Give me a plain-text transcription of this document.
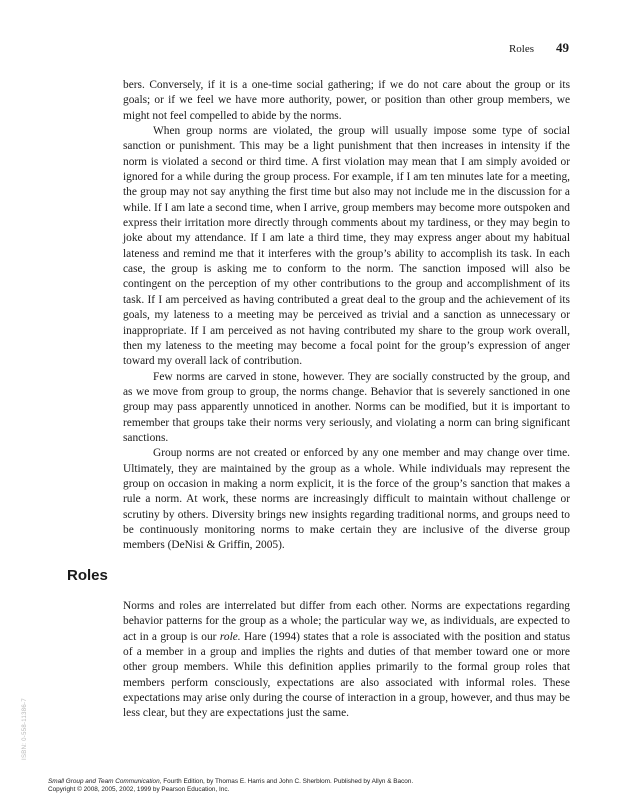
Roles 49

bers. Conversely, if it is a one-time social gathering; if we do not care about the group or its goals; or if we feel we have more authority, power, or position than other group members, we might not feel compelled to abide by the norms.

When group norms are violated, the group will usually impose some type of social sanction or punishment. This may be a light punishment that then increases in intensity if the norm is violated a second or third time. A first violation may mean that I am simply avoided or ignored for a while during the group process. For example, if I am ten minutes late for a meeting, the group may not say anything the first time but also may not include me in the discussion for a while. If I am late a second time, when I arrive, group members may become more outspoken and express their irritation more directly through comments about my tardiness, or they may begin to joke about my attendance. If I am late a third time, they may express anger about my habitual lateness and remind me that it interferes with the group’s ability to accomplish its task. In each case, the group is asking me to conform to the norm. The sanction imposed will also be contingent on the perception of my other contributions to the group and accomplishment of its task. If I am perceived as having contributed a great deal to the group and the achievement of its goals, my lateness to a meeting may be perceived as trivial and a sanction as unnecessary or inappropriate. If I am perceived as not having contributed my share to the group work overall, then my lateness to the meeting may become a focal point for the group’s expression of anger toward my overall lack of contribution.

Few norms are carved in stone, however. They are socially constructed by the group, and as we move from group to group, the norms change. Behavior that is severely sanctioned in one group may pass apparently unnoticed in another. Norms can be modified, but it is important to remember that groups take their norms very seriously, and violating a norm can bring significant sanctions.

Group norms are not created or enforced by any one member and may change over time. Ultimately, they are maintained by the group as a whole. While individuals may represent the group on occasion in making a norm explicit, it is the force of the group’s sanction that makes a rule a norm. At work, these norms are increasingly difficult to maintain without challenge or scrutiny by others. Diversity brings new insights regarding traditional norms, and groups need to be continuously monitoring norms to make certain they are inclusive of the diverse group members (DeNisi & Griffin, 2005).

Roles

Norms and roles are interrelated but differ from each other. Norms are expectations regarding behavior patterns for the group as a whole; the particular way we, as individuals, are expected to act in a group is our role. Hare (1994) states that a role is associated with the position and status of a member in a group and implies the rights and duties of that member toward one or more other group members. While this definition applies primarily to the formal group roles that members perform consciously, expectations are also associated with informal roles. These expectations may arise only during the course of interaction in a group, however, and thus may be less clear, but they are expectations just the same.

ISBN: 0-558-11386-7
Small Group and Team Communication, Fourth Edition, by Thomas E. Harris and John C. Sherblom. Published by Allyn & Bacon.
Copyright © 2008, 2005, 2002, 1999 by Pearson Education, Inc.
